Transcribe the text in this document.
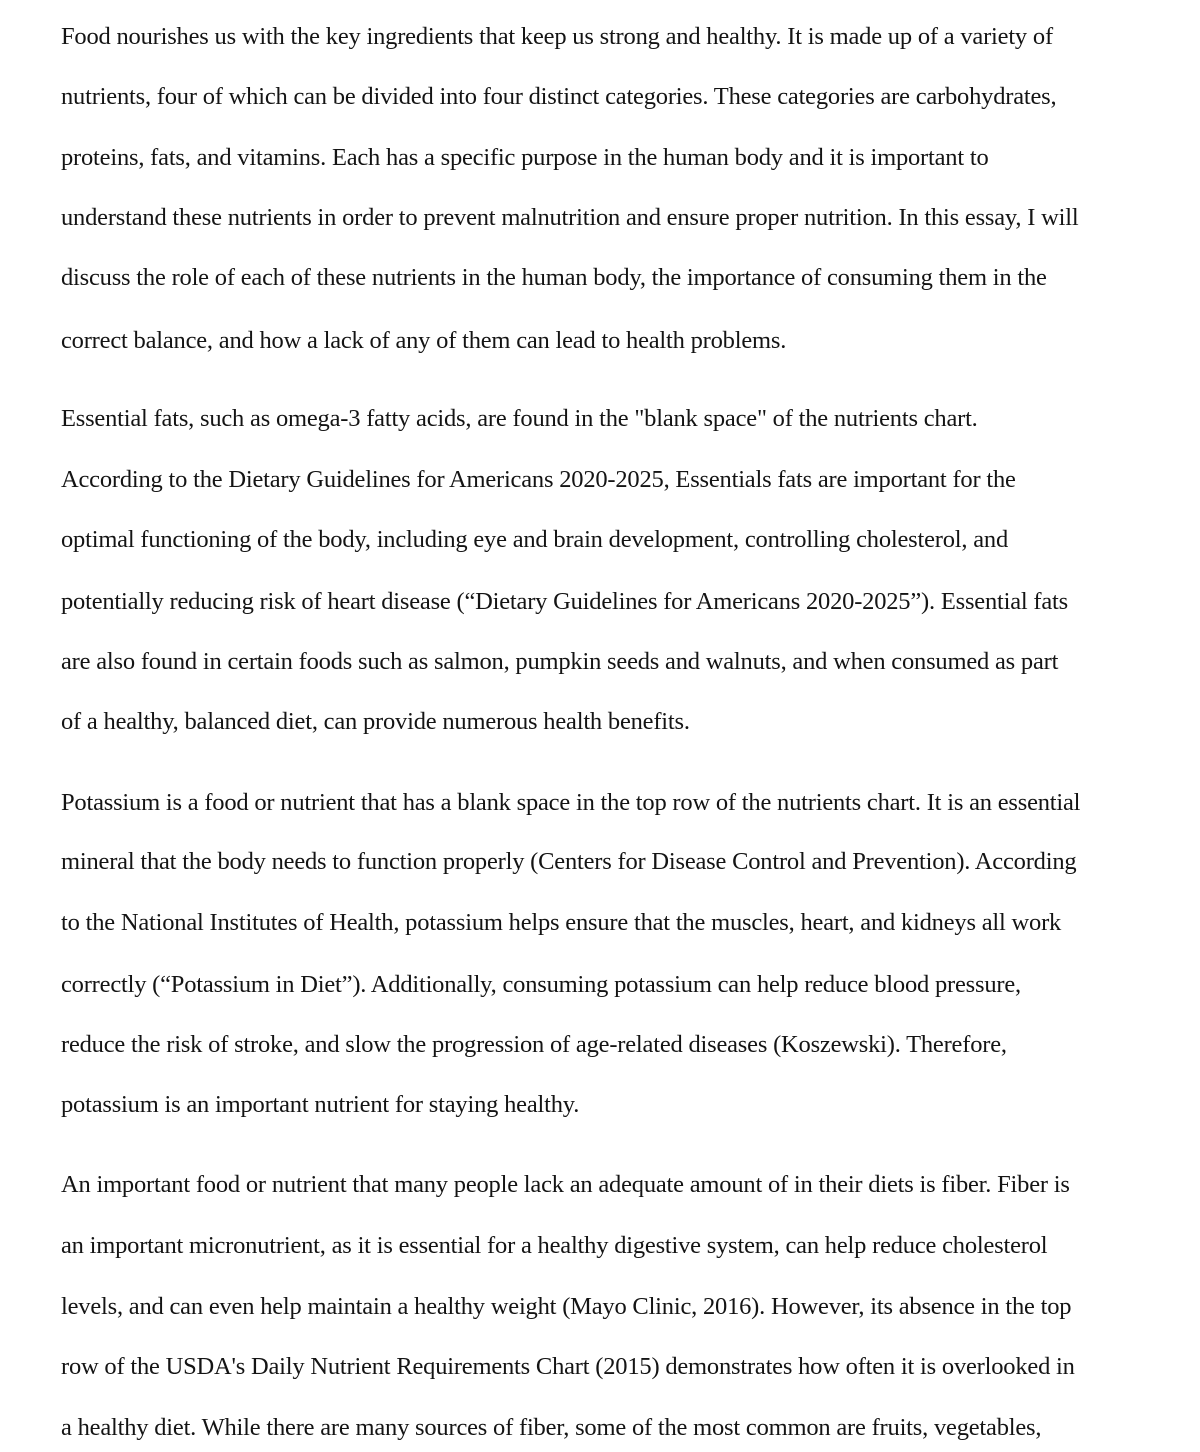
Food nourishes us with the key ingredients that keep us strong and healthy. It is made up of a variety of

nutrients, four of which can be divided into four distinct categories. These categories are carbohydrates,

proteins, fats, and vitamins. Each has a specific purpose in the human body and it is important to

understand these nutrients in order to prevent malnutrition and ensure proper nutrition. In this essay, I will

discuss the role of each of these nutrients in the human body, the importance of consuming them in the

correct balance, and how a lack of any of them can lead to health problems.

Essential fats, such as omega-3 fatty acids, are found in the "blank space" of the nutrients chart.

According to the Dietary Guidelines for Americans 2020-2025, Essentials fats are important for the

optimal functioning of the body, including eye and brain development, controlling cholesterol, and

potentially reducing risk of heart disease (“Dietary Guidelines for Americans 2020-2025”). Essential fats

are also found in certain foods such as salmon, pumpkin seeds and walnuts, and when consumed as part

of a healthy, balanced diet, can provide numerous health benefits.

Potassium is a food or nutrient that has a blank space in the top row of the nutrients chart. It is an essential

mineral that the body needs to function properly (Centers for Disease Control and Prevention). According

to the National Institutes of Health, potassium helps ensure that the muscles, heart, and kidneys all work

correctly (“Potassium in Diet”). Additionally, consuming potassium can help reduce blood pressure,

reduce the risk of stroke, and slow the progression of age-related diseases (Koszewski). Therefore,

potassium is an important nutrient for staying healthy.

An important food or nutrient that many people lack an adequate amount of in their diets is fiber. Fiber is

an important micronutrient, as it is essential for a healthy digestive system, can help reduce cholesterol

levels, and can even help maintain a healthy weight (Mayo Clinic, 2016). However, its absence in the top

row of the USDA's Daily Nutrient Requirements Chart (2015) demonstrates how often it is overlooked in

a healthy diet. While there are many sources of fiber, some of the most common are fruits, vegetables,
